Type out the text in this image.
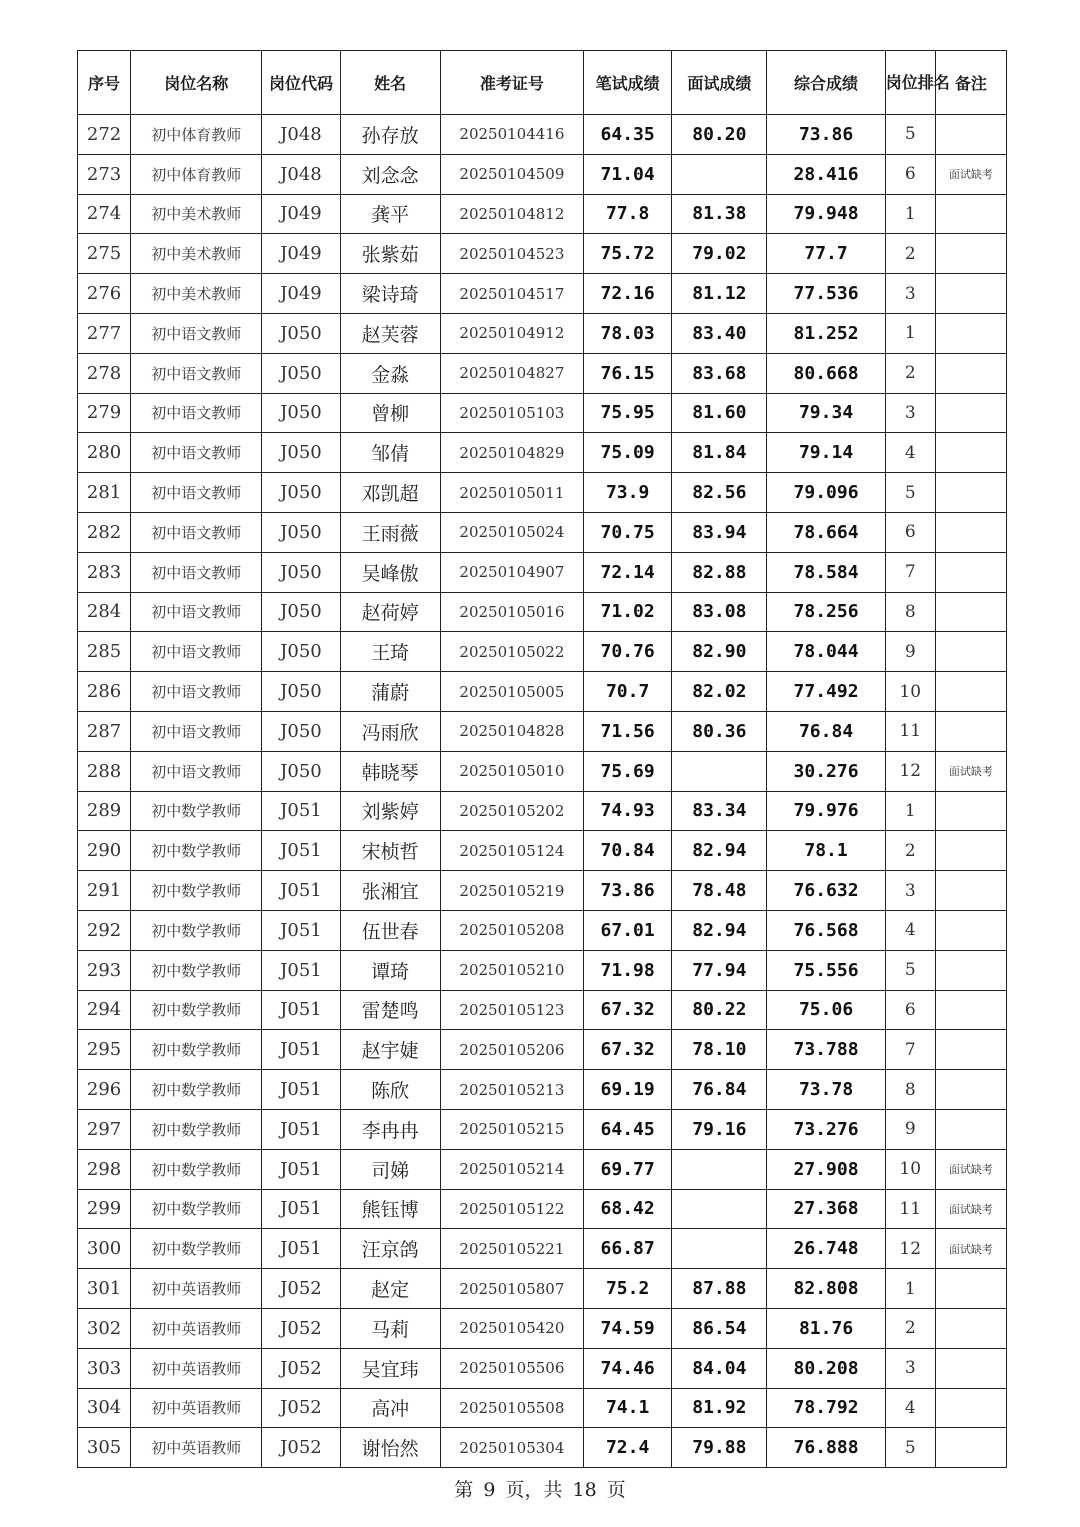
序号	岗位名称	岗位代码	姓名	准考证号	笔试成绩	面试成绩	综合成绩	岗位排名	备注
272	初中体育教师	J048	孙存放	20250104416	64.35	80.20	73.86	5	
273	初中体育教师	J048	刘念念	20250104509	71.04		28.416	6	面试缺考
274	初中美术教师	J049	龚平	20250104812	77.8	81.38	79.948	1	
275	初中美术教师	J049	张紫茹	20250104523	75.72	79.02	77.7	2	
276	初中美术教师	J049	梁诗琦	20250104517	72.16	81.12	77.536	3	
277	初中语文教师	J050	赵芙蓉	20250104912	78.03	83.40	81.252	1	
278	初中语文教师	J050	金淼	20250104827	76.15	83.68	80.668	2	
279	初中语文教师	J050	曾柳	20250105103	75.95	81.60	79.34	3	
280	初中语文教师	J050	邹倩	20250104829	75.09	81.84	79.14	4	
281	初中语文教师	J050	邓凯超	20250105011	73.9	82.56	79.096	5	
282	初中语文教师	J050	王雨薇	20250105024	70.75	83.94	78.664	6	
283	初中语文教师	J050	吴峰傲	20250104907	72.14	82.88	78.584	7	
284	初中语文教师	J050	赵荷婷	20250105016	71.02	83.08	78.256	8	
285	初中语文教师	J050	王琦	20250105022	70.76	82.90	78.044	9	
286	初中语文教师	J050	蒲蔚	20250105005	70.7	82.02	77.492	10	
287	初中语文教师	J050	冯雨欣	20250104828	71.56	80.36	76.84	11	
288	初中语文教师	J050	韩晓琴	20250105010	75.69		30.276	12	面试缺考
289	初中数学教师	J051	刘紫婷	20250105202	74.93	83.34	79.976	1	
290	初中数学教师	J051	宋桢哲	20250105124	70.84	82.94	78.1	2	
291	初中数学教师	J051	张湘宜	20250105219	73.86	78.48	76.632	3	
292	初中数学教师	J051	伍世春	20250105208	67.01	82.94	76.568	4	
293	初中数学教师	J051	谭琦	20250105210	71.98	77.94	75.556	5	
294	初中数学教师	J051	雷楚鸣	20250105123	67.32	80.22	75.06	6	
295	初中数学教师	J051	赵宇婕	20250105206	67.32	78.10	73.788	7	
296	初中数学教师	J051	陈欣	20250105213	69.19	76.84	73.78	8	
297	初中数学教师	J051	李冉冉	20250105215	64.45	79.16	73.276	9	
298	初中数学教师	J051	司娣	20250105214	69.77		27.908	10	面试缺考
299	初中数学教师	J051	熊钰博	20250105122	68.42		27.368	11	面试缺考
300	初中数学教师	J051	汪京鸽	20250105221	66.87		26.748	12	面试缺考
301	初中英语教师	J052	赵定	20250105807	75.2	87.88	82.808	1	
302	初中英语教师	J052	马莉	20250105420	74.59	86.54	81.76	2	
303	初中英语教师	J052	吴宜玮	20250105506	74.46	84.04	80.208	3	
304	初中英语教师	J052	高冲	20250105508	74.1	81.92	78.792	4	
305	初中英语教师	J052	谢怡然	20250105304	72.4	79.88	76.888	5	
第 9 页，共 18 页
